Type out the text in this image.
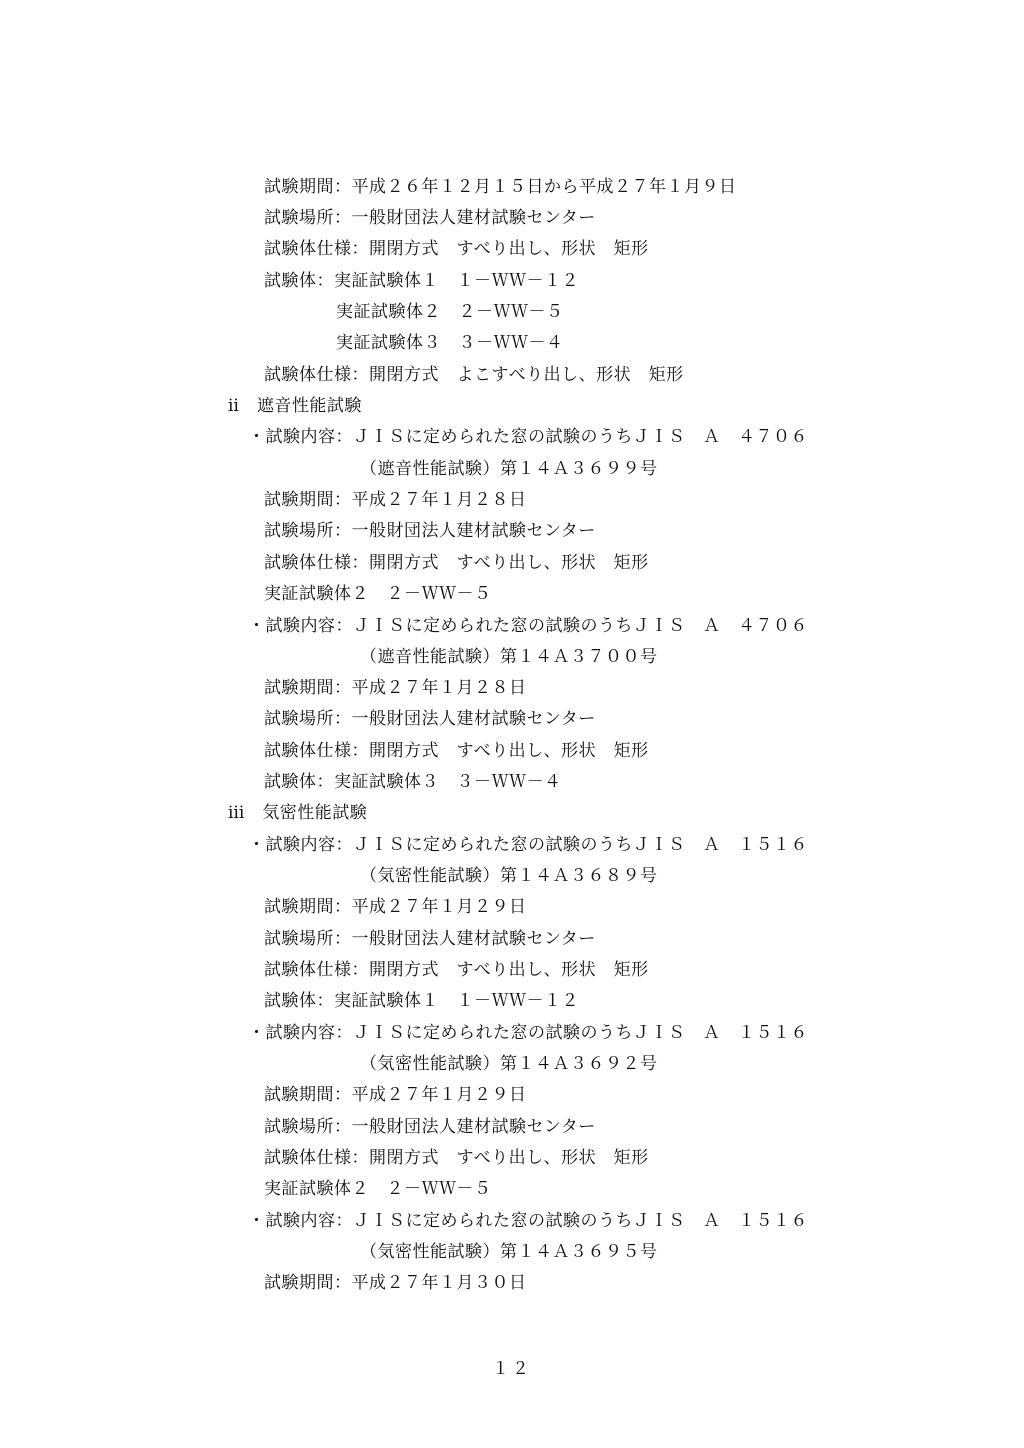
試験期間：平成２６年１２月１５日から平成２７年１月９日
試験場所：一般財団法人建材試験センター
試験体仕様：開閉方式　すべり出し、形状　矩形
試験体：実証試験体１　１－ＷＷ－１２
実証試験体２　２－ＷＷ－５
実証試験体３　３－ＷＷ－４
試験体仕様：開閉方式　よこすべり出し、形状　矩形
ⅱ　遮音性能試験
・試験内容：ＪＩＳに定められた窓の試験のうちＪＩＳ　Ａ　４７０６
（遮音性能試験）第１４Ａ３６９９号
試験期間：平成２７年１月２８日
試験場所：一般財団法人建材試験センター
試験体仕様：開閉方式　すべり出し、形状　矩形
実証試験体２　２－ＷＷ－５
・試験内容：ＪＩＳに定められた窓の試験のうちＪＩＳ　Ａ　４７０６
（遮音性能試験）第１４Ａ３７００号
試験期間：平成２７年１月２８日
試験場所：一般財団法人建材試験センター
試験体仕様：開閉方式　すべり出し、形状　矩形
試験体：実証試験体３　３－ＷＷ－４
ⅲ　気密性能試験
・試験内容：ＪＩＳに定められた窓の試験のうちＪＩＳ　Ａ　１５１６
（気密性能試験）第１４Ａ３６８９号
試験期間：平成２７年１月２９日
試験場所：一般財団法人建材試験センター
試験体仕様：開閉方式　すべり出し、形状　矩形
試験体：実証試験体１　１－ＷＷ－１２
・試験内容：ＪＩＳに定められた窓の試験のうちＪＩＳ　Ａ　１５１６
（気密性能試験）第１４Ａ３６９２号
試験期間：平成２７年１月２９日
試験場所：一般財団法人建材試験センター
試験体仕様：開閉方式　すべり出し、形状　矩形
実証試験体２　２－ＷＷ－５
・試験内容：ＪＩＳに定められた窓の試験のうちＪＩＳ　Ａ　１５１６
（気密性能試験）第１４Ａ３６９５号
試験期間：平成２７年１月３０日
１２
